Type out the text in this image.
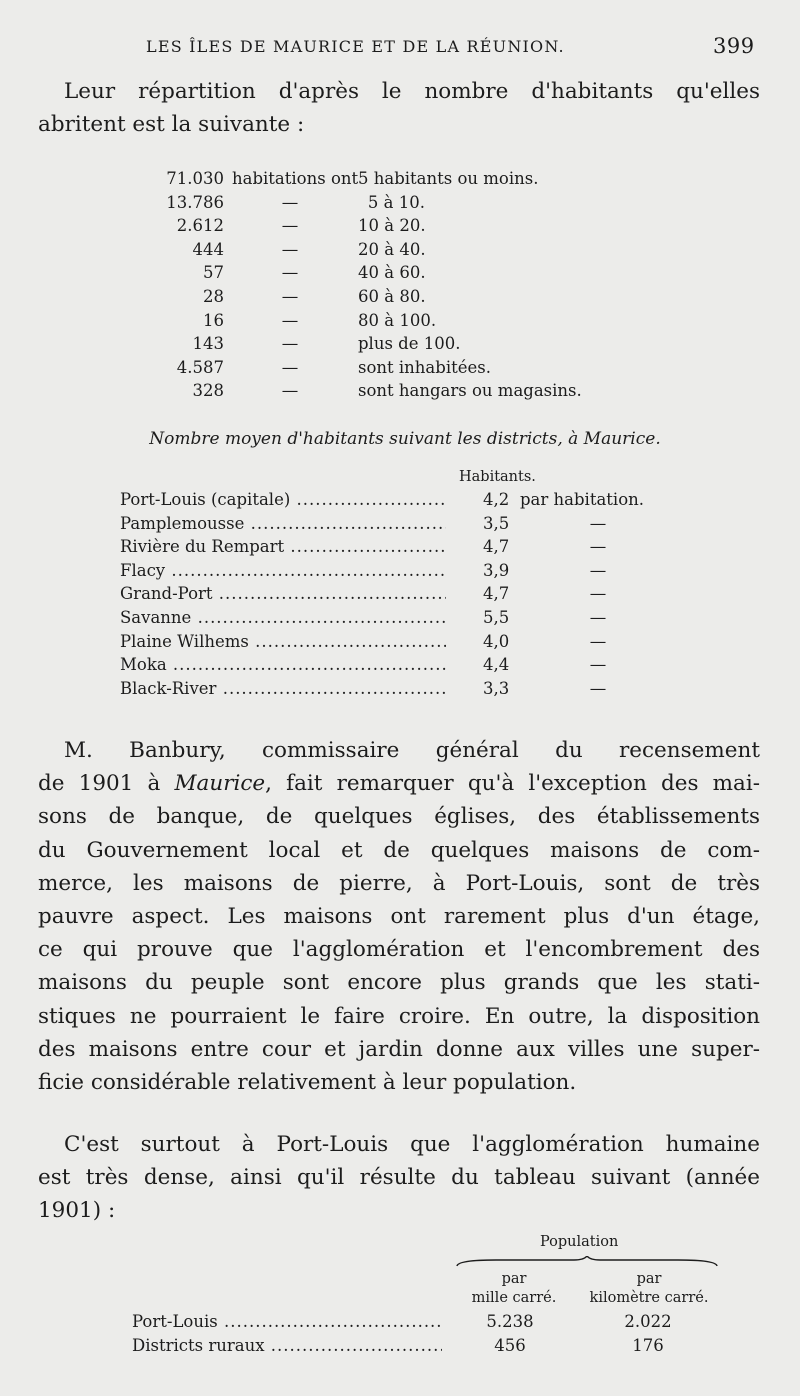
LES ÎLES DE MAURICE ET DE LA RÉUNION.	399

Leur répartition d'après le nombre d'habitants qu'elles
abritent est la suivante :

71.030 habitations ont 5 habitants ou moins.
13.786	—	5 à 10.
2.612	—	10 à 20.
444	—	20 à 40.
57	—	40 à 60.
28	—	60 à 80.
16	—	80 à 100.
143	—	plus de 100.
4.587	—	sont inhabitées.
328	—	sont hangars ou magasins.
Nombre moyen d'habitants suivant les districts, à Maurice.
Habitants.
Port-Louis (capitale) .....	4,2 par habitation.
Pamplemousse .....	3,5	—
Rivière du Rempart .....	4,7	—
Flacy .....	3,9	—
Grand-Port .....	4,7	—
Savanne .....	5,5	—
Plaine Wilhems .....	4,0	—
Moka .....	4,4	—
Black-River .....	3,3	—

M. Banbury, commissaire général du recensement
de 1901 à Maurice, fait remarquer qu'à l'exception des mai-
sons de banque, de quelques églises, des établissements
du Gouvernement local et de quelques maisons de com-
merce, les maisons de pierre, à Port-Louis, sont de très
pauvre aspect. Les maisons ont rarement plus d'un étage,
ce qui prouve que l'agglomération et l'encombrement des
maisons du peuple sont encore plus grands que les stati-
stiques ne pourraient le faire croire. En outre, la disposition
des maisons entre cour et jardin donne aux villes une super-
ficie considérable relativement à leur population.

C'est surtout à Port-Louis que l'agglomération humaine
est très dense, ainsi qu'il résulte du tableau suivant (année
1901) :

Population
par
mille carré.
par
kilomètre carré.
Port-Louis .....	5.238	2.022
Districts ruraux .....	456	176
